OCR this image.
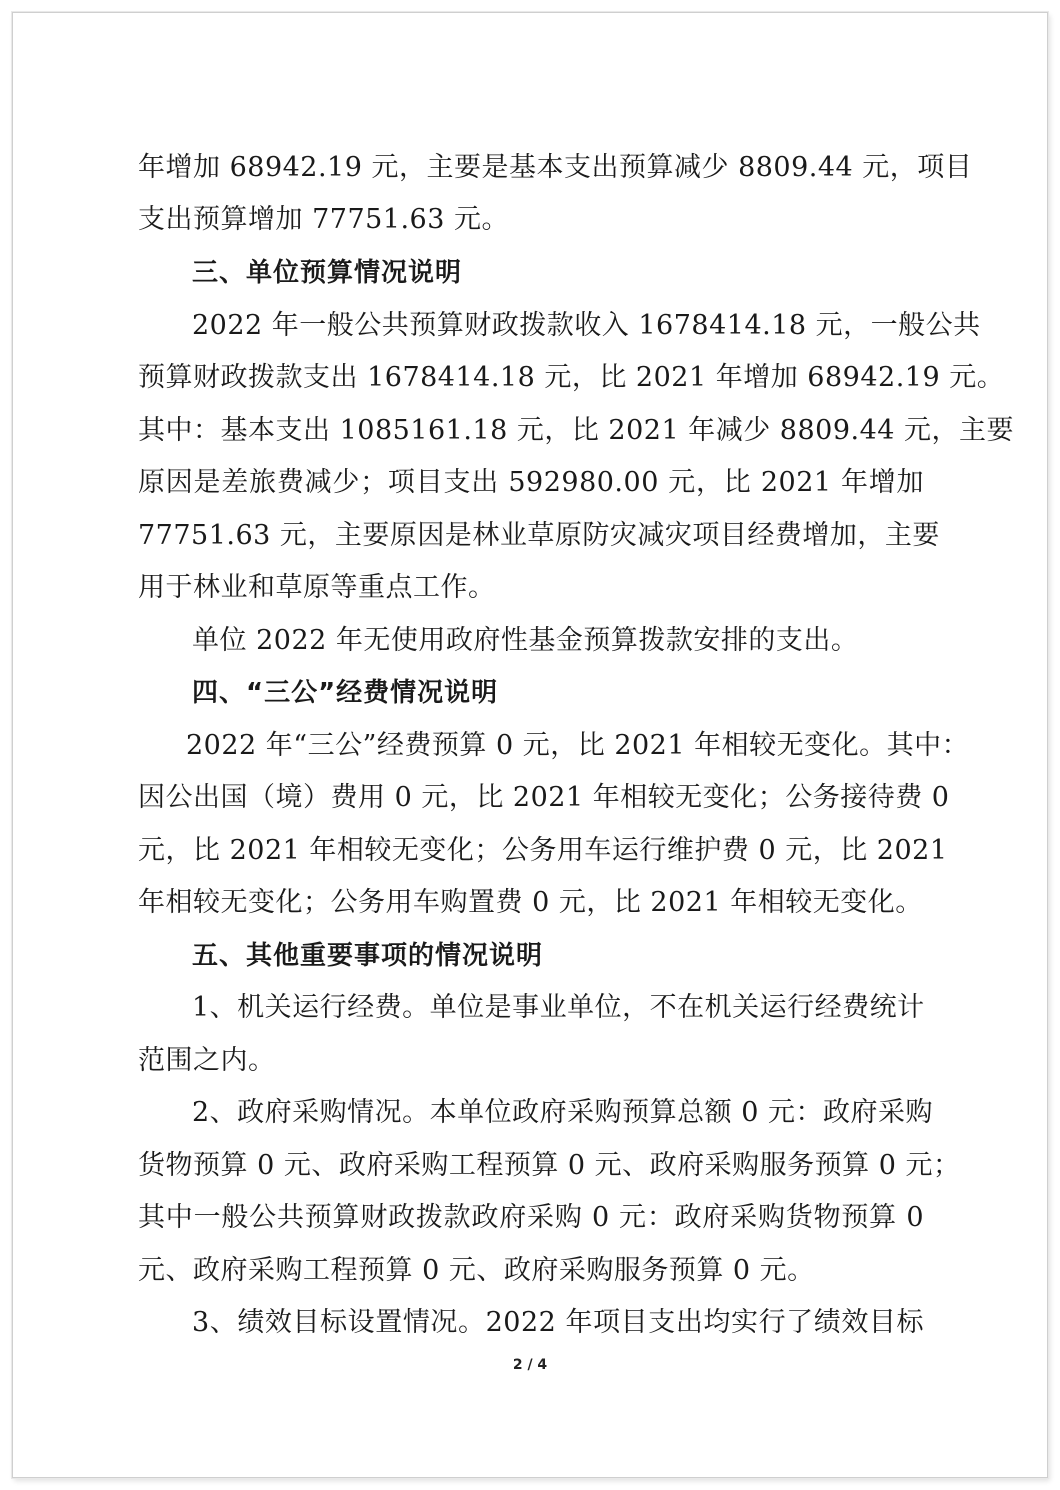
年增加 68942.19 元，主要是基本支出预算减少 8809.44 元，项目
支出预算增加 77751.63 元。
三、单位预算情况说明
2022 年一般公共预算财政拨款收入 1678414.18 元，一般公共
预算财政拨款支出 1678414.18 元，比 2021 年增加 68942.19 元。
其中：基本支出 1085161.18 元，比 2021 年减少 8809.44 元，主要
原因是差旅费减少；项目支出 592980.00 元，比 2021 年增加
77751.63 元，主要原因是林业草原防灾减灾项目经费增加，主要
用于林业和草原等重点工作。
单位 2022 年无使用政府性基金预算拨款安排的支出。
四、“三公”经费情况说明
2022 年“三公”经费预算 0 元，比 2021 年相较无变化。其中：
因公出国（境）费用 0 元，比 2021 年相较无变化；公务接待费 0
元，比 2021 年相较无变化；公务用车运行维护费 0 元，比 2021
年相较无变化；公务用车购置费 0 元，比 2021 年相较无变化。
五、其他重要事项的情况说明
1、机关运行经费。单位是事业单位，不在机关运行经费统计
范围之内。
2、政府采购情况。本单位政府采购预算总额 0 元：政府采购
货物预算 0 元、政府采购工程预算 0 元、政府采购服务预算 0 元；
其中一般公共预算财政拨款政府采购 0 元：政府采购货物预算 0
元、政府采购工程预算 0 元、政府采购服务预算 0 元。
3、绩效目标设置情况。2022 年项目支出均实行了绩效目标
2 / 4
